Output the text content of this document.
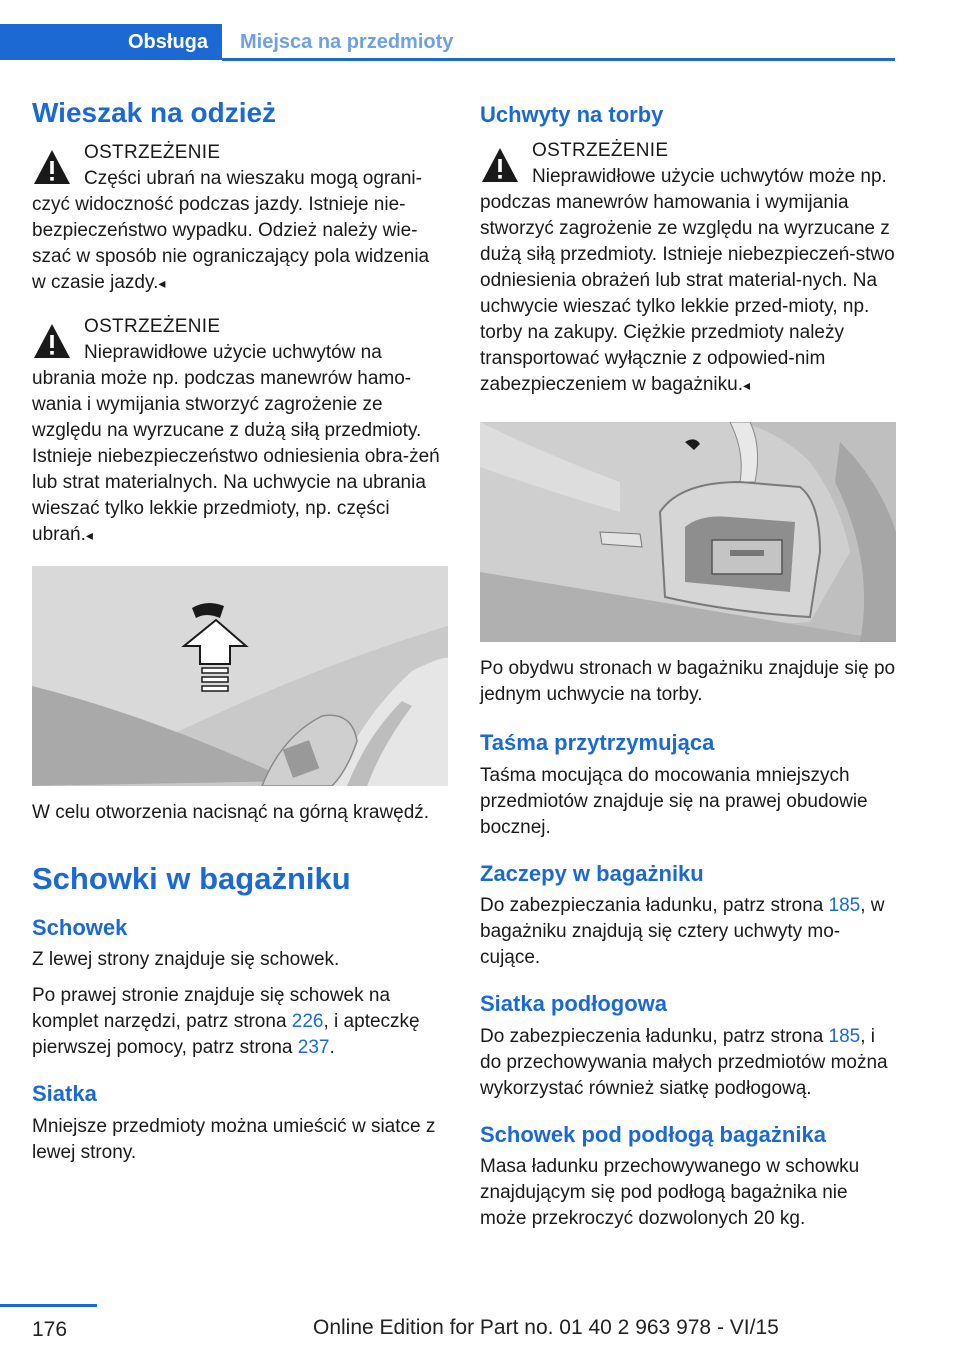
Obsługa	Miejsca na przedmioty
Wieszak na odzież
OSTRZEŻENIE
Części ubrań na wieszaku mogą ograni-czyć widoczność podczas jazdy. Istnieje nie-bezpieczeństwo wypadku. Odzież należy wie-szać w sposób nie ograniczający pola widzenia w czasie jazdy.◂
OSTRZEŻENIE
Nieprawidłowe użycie uchwytów na ubrania może np. podczas manewrów hamo-wania i wymijania stworzyć zagrożenie ze względu na wyrzucane z dużą siłą przedmioty. Istnieje niebezpieczeństwo odniesienia obra-żeń lub strat materialnych. Na uchwycie na ubrania wieszać tylko lekkie przedmioty, np. części ubrań.◂

W celu otworzenia nacisnąć na górną krawędź.

Schowki w bagażniku
Schowek

Z lewej strony znajduje się schowek.

Po prawej stronie znajduje się schowek na komplet narzędzi, patrz strona 226, i apteczkę pierwszej pomocy, patrz strona 237.

Siatka

Mniejsze przedmioty można umieścić w siatce z lewej strony.

Uchwyty na torby
OSTRZEŻENIE
Nieprawidłowe użycie uchwytów może np. podczas manewrów hamowania i wymijania stworzyć zagrożenie ze względu na wyrzucane z dużą siłą przedmioty. Istnieje niebezpieczeń-stwo odniesienia obrażeń lub strat material-nych. Na uchwycie wieszać tylko lekkie przed-mioty, np. torby na zakupy. Ciężkie przedmioty należy transportować wyłącznie z odpowied-nim zabezpieczeniem w bagażniku.◂

Po obydwu stronach w bagażniku znajduje się po jednym uchwycie na torby.

Taśma przytrzymująca

Taśma mocująca do mocowania mniejszych przedmiotów znajduje się na prawej obudowie bocznej.

Zaczepy w bagażniku

Do zabezpieczania ładunku, patrz strona 185, w bagażniku znajdują się cztery uchwyty mo-cujące.

Siatka podłogowa

Do zabezpieczenia ładunku, patrz strona 185, i do przechowywania małych przedmiotów można wykorzystać również siatkę podłogową.

Schowek pod podłogą bagażnika

Masa ładunku przechowywanego w schowku znajdującym się pod podłogą bagażnika nie może przekroczyć dozwolonych 20 kg.

176	Online Edition for Part no. 01 40 2 963 978 - VI/15
